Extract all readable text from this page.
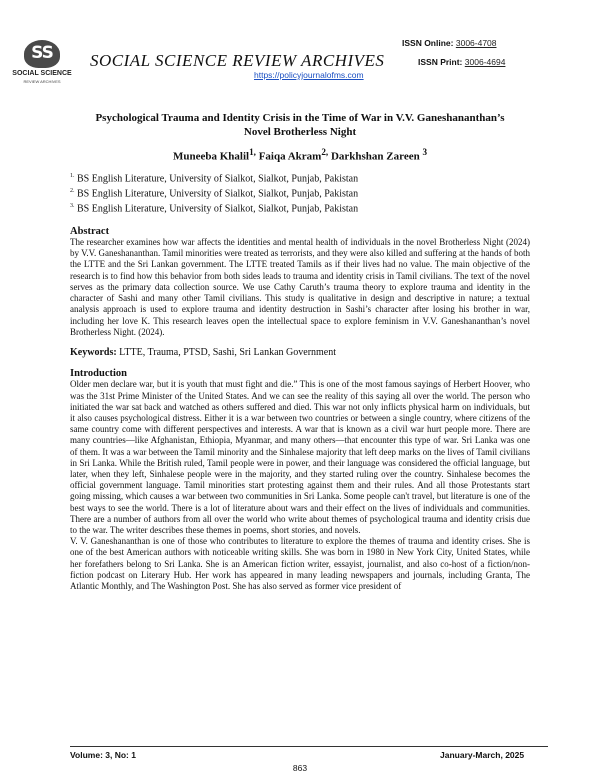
SS
SOCIAL SCIENCE
REVIEW ARCHIVES
SOCIAL SCIENCE REVIEW ARCHIVES
https://policyjournalofms.com
ISSN Online: 3006-4708
ISSN Print: 3006-4694
Psychological Trauma and Identity Crisis in the Time of War in V.V. Ganeshananthan’s Novel Brotherless Night
Muneeba Khalil$^{1,}$ Faiqa Akram$^{2,}$ Darkhshan Zareen $^3$
$^{1.}$ BS English Literature, University of Sialkot, Sialkot, Punjab, Pakistan
$^{2.}$ BS English Literature, University of Sialkot, Sialkot, Punjab, Pakistan
$^{3.}$ BS English Literature, University of Sialkot, Sialkot, Punjab, Pakistan
Abstract
The researcher examines how war affects the identities and mental health of individuals in the novel Brotherless Night (2024) by V.V. Ganeshananthan. Tamil minorities were treated as terrorists, and they were also killed and suffering at the hands of both the LTTE and the Sri Lankan government. The LTTE treated Tamils as if their lives had no value. The main objective of the research is to find how this behavior from both sides leads to trauma and identity crisis in Tamil civilians. The text of the novel serves as the primary data collection source. We use Cathy Caruth’s trauma theory to explore trauma and identity in the character of Sashi and many other Tamil civilians. This study is qualitative in design and descriptive in nature; a textual analysis approach is used to explore trauma and identity destruction in Sashi’s character after losing his brother in war, including her love K. This research leaves open the intellectual space to explore feminism in V.V. Ganeshananthan’s novel Brotherless Night. (2024).
Keywords: LTTE, Trauma, PTSD, Sashi, Sri Lankan Government
Introduction
Older men declare war, but it is youth that must fight and die.” This is one of the most famous sayings of Herbert Hoover, who was the 31st Prime Minister of the United States. And we can see the reality of this saying all over the world. The person who initiated the war sat back and watched as others suffered and died. This war not only inflicts physical harm on individuals, but it also causes psychological distress. Either it is a war between two countries or between a single country, where citizens of the same country come with different perspectives and interests. A war that is known as a civil war hurt people more. There are many countries—like Afghanistan, Ethiopia, Myanmar, and many others—that encounter this type of war. Sri Lanka was one of them. It was a war between the Tamil minority and the Sinhalese majority that left deep marks on the lives of Tamil civilians in Sri Lanka. While the British ruled, Tamil people were in power, and their language was considered the official language, but later, when they left, Sinhalese people were in the majority, and they started ruling over the country. Sinhalese becomes the official government language. Tamil minorities start protesting against them and their rules. And all those Protestants start going missing, which causes a war between two communities in Sri Lanka. Some people can't travel, but literature is one of the best ways to see the world. There is a lot of literature about wars and their effect on the lives of individuals and communities. There are a number of authors from all over the world who write about themes of psychological trauma and identity crisis due to the war. The writer describes these themes in poems, short stories, and novels.
V. V. Ganeshananthan is one of those who contributes to literature to explore the themes of trauma and identity crises. She is one of the best American authors with noticeable writing skills. She was born in 1980 in New York City, United States, while her forefathers belong to Sri Lanka. She is an American fiction writer, essayist, journalist, and also co-host of a fiction/non-fiction podcast on Literary Hub. Her work has appeared in many leading newspapers and journals, including Granta, The Atlantic Monthly, and The Washington Post. She has also served as former vice president of
Volume: 3, No: 1	January-March, 2025
863
